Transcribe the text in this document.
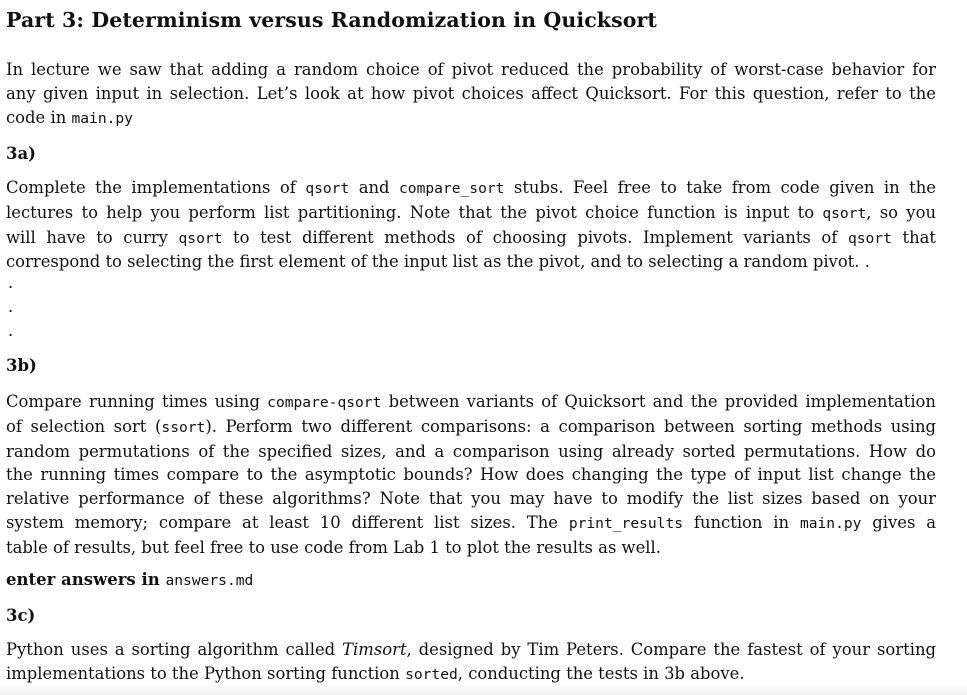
Part 3: Determinism versus Randomization in Quicksort
In lecture we saw that adding a random choice of pivot reduced the probability of worst-case behavior for
any given input in selection. Let’s look at how pivot choices affect Quicksort. For this question, refer to the
code in main.py
3a)
Complete the implementations of qsort and compare_sort stubs. Feel free to take from code given in the
lectures to help you perform list partitioning. Note that the pivot choice function is input to qsort, so you
will have to curry qsort to test different methods of choosing pivots. Implement variants of qsort that
correspond to selecting the first element of the input list as the pivot, and to selecting a random pivot. .
.
.
.
3b)
Compare running times using compare-qsort between variants of Quicksort and the provided implementation
of selection sort (ssort). Perform two different comparisons: a comparison between sorting methods using
random permutations of the specified sizes, and a comparison using already sorted permutations. How do
the running times compare to the asymptotic bounds? How does changing the type of input list change the
relative performance of these algorithms? Note that you may have to modify the list sizes based on your
system memory; compare at least 10 different list sizes. The print_results function in main.py gives a
table of results, but feel free to use code from Lab 1 to plot the results as well.
enter answers in answers.md
3c)
Python uses a sorting algorithm called Timsort, designed by Tim Peters. Compare the fastest of your sorting
implementations to the Python sorting function sorted, conducting the tests in 3b above.
